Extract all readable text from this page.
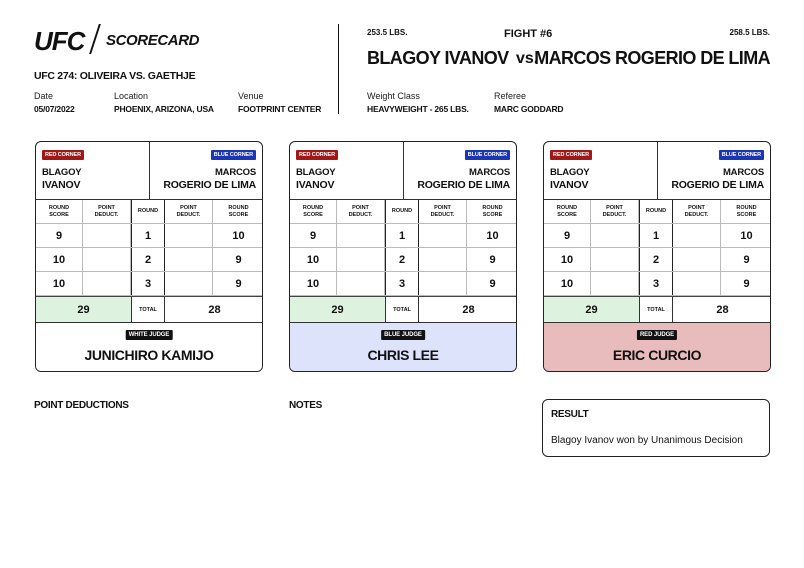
UFC SCORECARD
UFC 274: OLIVEIRA VS. GAETHJE
Date
05/07/2022
Location
PHOENIX, ARIZONA, USA
Venue
FOOTPRINT CENTER
253.5 LBS.	FIGHT #6	258.5 LBS.
BLAGOY IVANOV vs.
MARCOS ROGERIO DE LIMA
Weight Class
HEAVYWEIGHT - 265 LBS.
Referee
MARC GODDARD
RED CORNER	BLUE CORNER
BLAGOY
IVANOV
MARCOS
ROGERIO DE LIMA
ROUND
SCORE
POINT
DEDUCT.
ROUND
POINT
DEDUCT.
ROUND
SCORE
9	1	10
10	2	9
10	3	9
29	TOTAL	28
WHITE JUDGE
JUNICHIRO KAMIJO
RED CORNER	BLUE CORNER
BLAGOY
IVANOV
MARCOS
ROGERIO DE LIMA
ROUND
SCORE
POINT
DEDUCT.
ROUND
POINT
DEDUCT.
ROUND
SCORE
9	1	10
10	2	9
10	3	9
29	TOTAL	28
BLUE JUDGE
CHRIS LEE
RED CORNER	BLUE CORNER
BLAGOY
IVANOV
MARCOS
ROGERIO DE LIMA
ROUND
SCORE
POINT
DEDUCT.
ROUND
POINT
DEDUCT.
ROUND
SCORE
9	1	10
10	2	9
10	3	9
29	TOTAL	28
RED JUDGE
ERIC CURCIO
POINT DEDUCTIONS	NOTES
RESULT
Blagoy Ivanov won by Unanimous Decision
